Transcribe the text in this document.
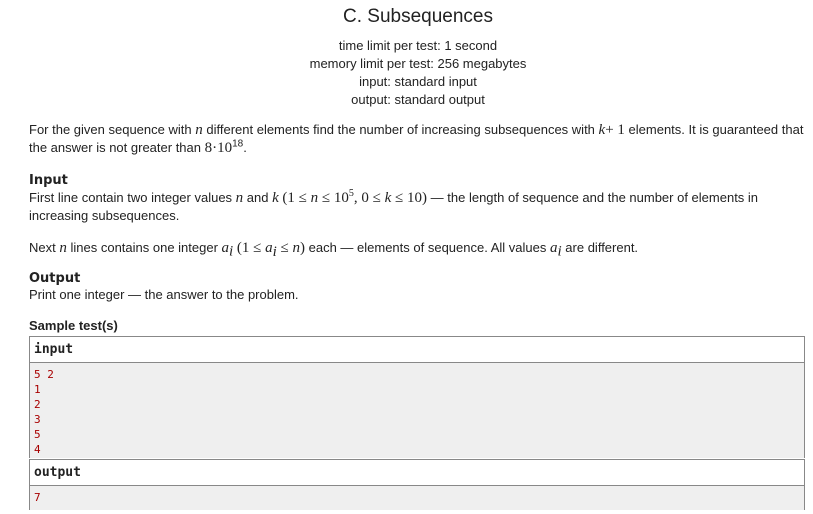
C. Subsequences
time limit per test: 1 second
memory limit per test: 256 megabytes
input: standard input
output: standard output
For the given sequence with n different elements find the number of increasing subsequences with k+ 1 elements. It is guaranteed that
the answer is not greater than $8\cdot 10^{18}$.
Input
First line contain two integer values n and k ($1 \le n \le 10^5$, 0 ≤ k ≤ 10) — the length of sequence and the number of elements in
increasing subsequences.
Next n lines contains one integer $a_i$ $(1 \le a_i \le n)$ each — elements of sequence. All values $a_i$ are different.
Output
Print one integer — the answer to the problem.
Sample test(s)
input
5 2
1
2
3
5
4
output
7
